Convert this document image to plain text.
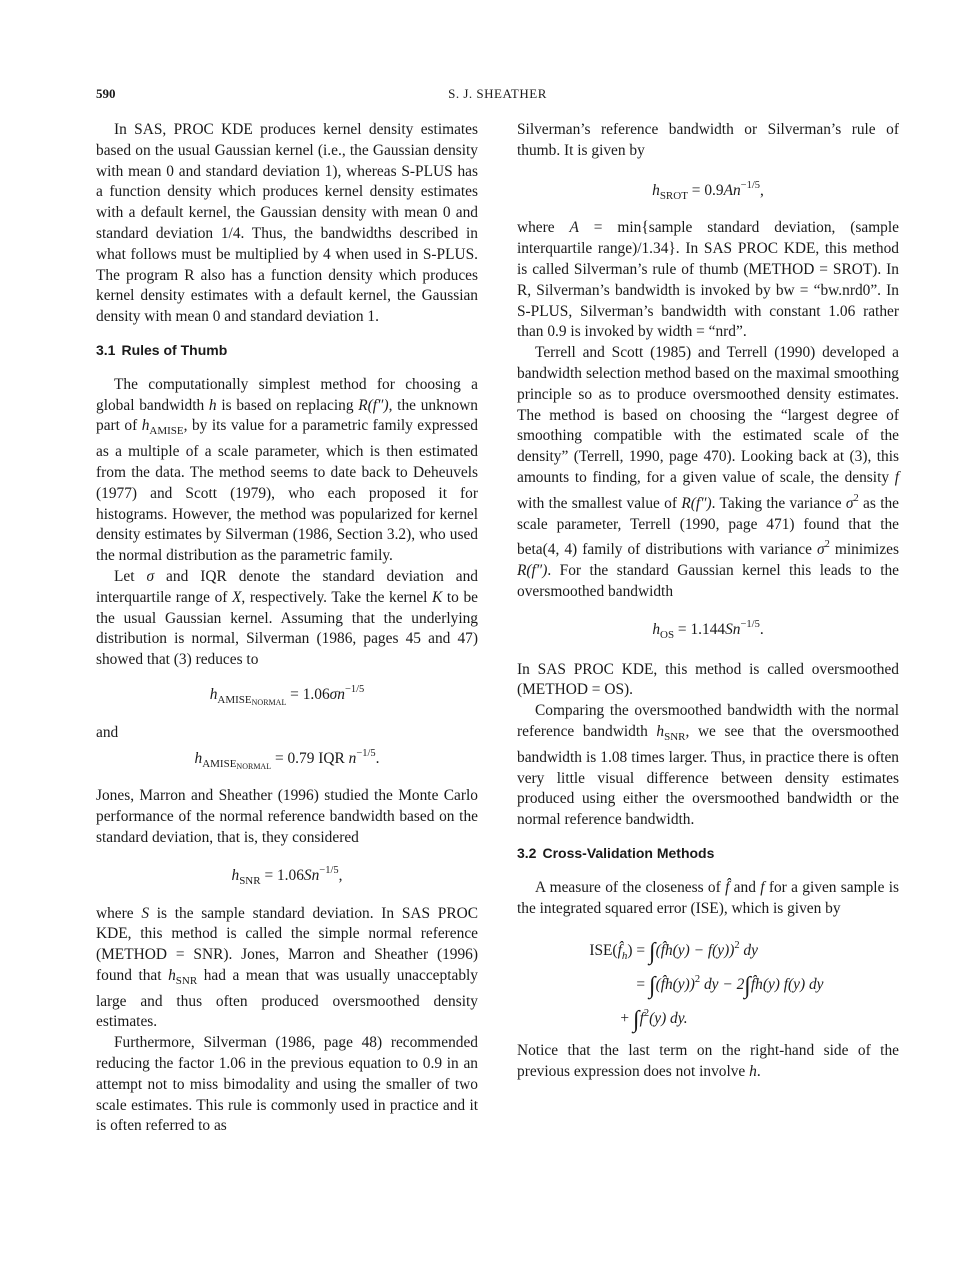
590	S. J. SHEATHER

In SAS, PROC KDE produces kernel density estimates based on the usual Gaussian kernel (i.e., the Gaussian density with mean 0 and standard deviation 1), whereas S-PLUS has a function density which produces kernel density estimates with a default kernel, the Gaussian density with mean 0 and standard deviation 1/4. Thus, the bandwidths described in what follows must be multiplied by 4 when used in S-PLUS. The program R also has a function density which produces kernel density estimates with a default kernel, the Gaussian density with mean 0 and standard deviation 1.

3.1 Rules of Thumb

The computationally simplest method for choosing a global bandwidth h is based on replacing R(f″), the unknown part of $h_{AMISE}$, by its value for a parametric family expressed as a multiple of a scale parameter, which is then estimated from the data. The method seems to date back to Deheuvels (1977) and Scott (1979), who each proposed it for histograms. However, the method was popularized for kernel density estimates by Silverman (1986, Section 3.2), who used the normal distribution as the parametric family.

Let σ and IQR denote the standard deviation and interquartile range of X, respectively. Take the kernel K to be the usual Gaussian kernel. Assuming that the underlying distribution is normal, Silverman (1986, pages 45 and 47) showed that (3) reduces to

$h_{AMISENORMAL} = 1.06\sigma n^{-1/5}$

and

$h_{AMISENORMAL} = 0.79$ IQR $n^{-1/5}$.

Jones, Marron and Sheather (1996) studied the Monte Carlo performance of the normal reference bandwidth based on the standard deviation, that is, they considered

$h_{SNR} = 1.06Sn^{-1/5}$,

where S is the sample standard deviation. In SAS PROC KDE, this method is called the simple normal reference (METHOD = SNR). Jones, Marron and Sheather (1996) found that $h_{SNR}$ had a mean that was usually unacceptably large and thus often produced oversmoothed density estimates.

Furthermore, Silverman (1986, page 48) recommended reducing the factor 1.06 in the previous equation to 0.9 in an attempt not to miss bimodality and using the smaller of two scale estimates. This rule is commonly used in practice and it is often referred to as

Silverman’s reference bandwidth or Silverman’s rule of thumb. It is given by

$h_{SROT} = 0.9An^{-1/5}$,

where A = min{sample standard deviation, (sample interquartile range)/1.34}. In SAS PROC KDE, this method is called Silverman’s rule of thumb (METHOD = SROT). In R, Silverman’s bandwidth is invoked by bw = “bw.nrd0”. In S-PLUS, Silverman’s bandwidth with constant 1.06 rather than 0.9 is invoked by width = “nrd”.

Terrell and Scott (1985) and Terrell (1990) developed a bandwidth selection method based on the maximal smoothing principle so as to produce oversmoothed density estimates. The method is based on choosing the “largest degree of smoothing compatible with the estimated scale of the density” (Terrell, 1990, page 470). Looking back at (3), this amounts to finding, for a given value of scale, the density f with the smallest value of R(f″). Taking the variance $\sigma^2$ as the scale parameter, Terrell (1990, page 471) found that the beta(4, 4) family of distributions with variance $\sigma^2$ minimizes R(f″). For the standard Gaussian kernel this leads to the oversmoothed bandwidth

$h_{OS} = 1.144Sn^{-1/5}$.

In SAS PROC KDE, this method is called oversmoothed (METHOD = OS).

Comparing the oversmoothed bandwidth with the normal reference bandwidth $h_{SNR}$, we see that the oversmoothed bandwidth is 1.08 times larger. Thus, in practice there is often very little visual difference between density estimates produced using either the oversmoothed bandwidth or the normal reference bandwidth.

3.2 Cross-Validation Methods

A measure of the closeness of f̂ and f for a given sample is the integrated squared error (ISE), which is given by

$ISE(f̂_h)$ =∫(f̂h(y) − f(y))$^2$ dy
=∫(f̂h(y))$^2$ dy − 2∫f̂h(y) f(y) dy
$+\int f^2(y)$ dy.

Notice that the last term on the right-hand side of the previous expression does not involve h.
